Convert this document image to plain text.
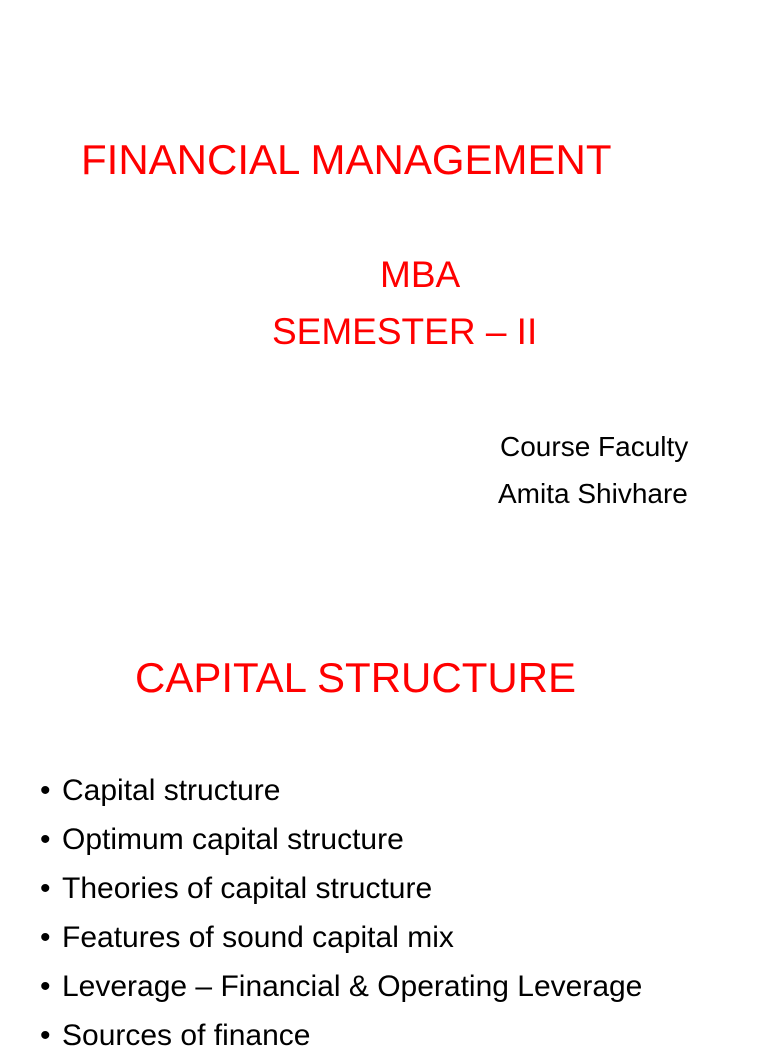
FINANCIAL MANAGEMENT
MBA
SEMESTER – II
Course Faculty
Amita Shivhare
CAPITAL STRUCTURE
• Capital structure
• Optimum capital structure
• Theories of capital structure
• Features of sound capital mix
• Leverage – Financial & Operating Leverage
• Sources of finance
